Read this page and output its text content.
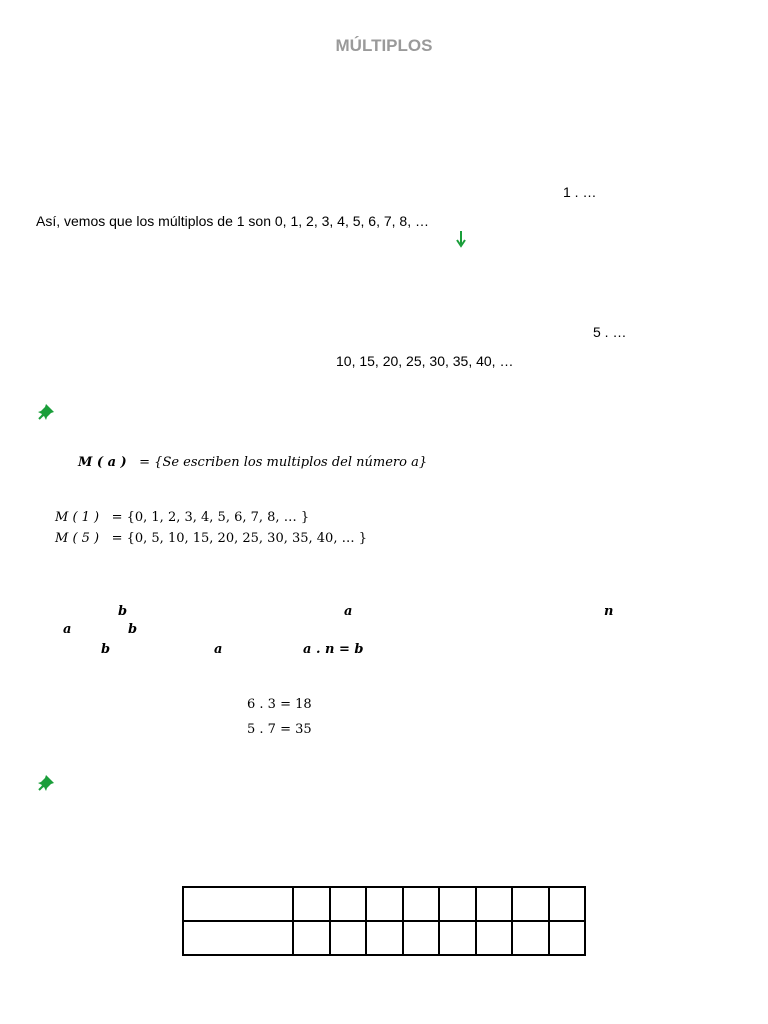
MÚLTIPLOS
1 . …
Así, vemos que los múltiplos de 1 son 0, 1, 2, 3, 4, 5, 6, 7, 8, …
5 . …
10, 15, 20, 25, 30, 35, 40, …
M ( a ) = {Se escriben los multiplos del número a}
M ( 1 ) = {0, 1, 2, 3, 4, 5, 6, 7, 8, … }
M ( 5 ) = {0, 5, 10, 15, 20, 25, 30, 35, 40, … }
b	a	n
a	b
b	a	a . n = b
6 . 3 = 18
5 . 7 = 35
